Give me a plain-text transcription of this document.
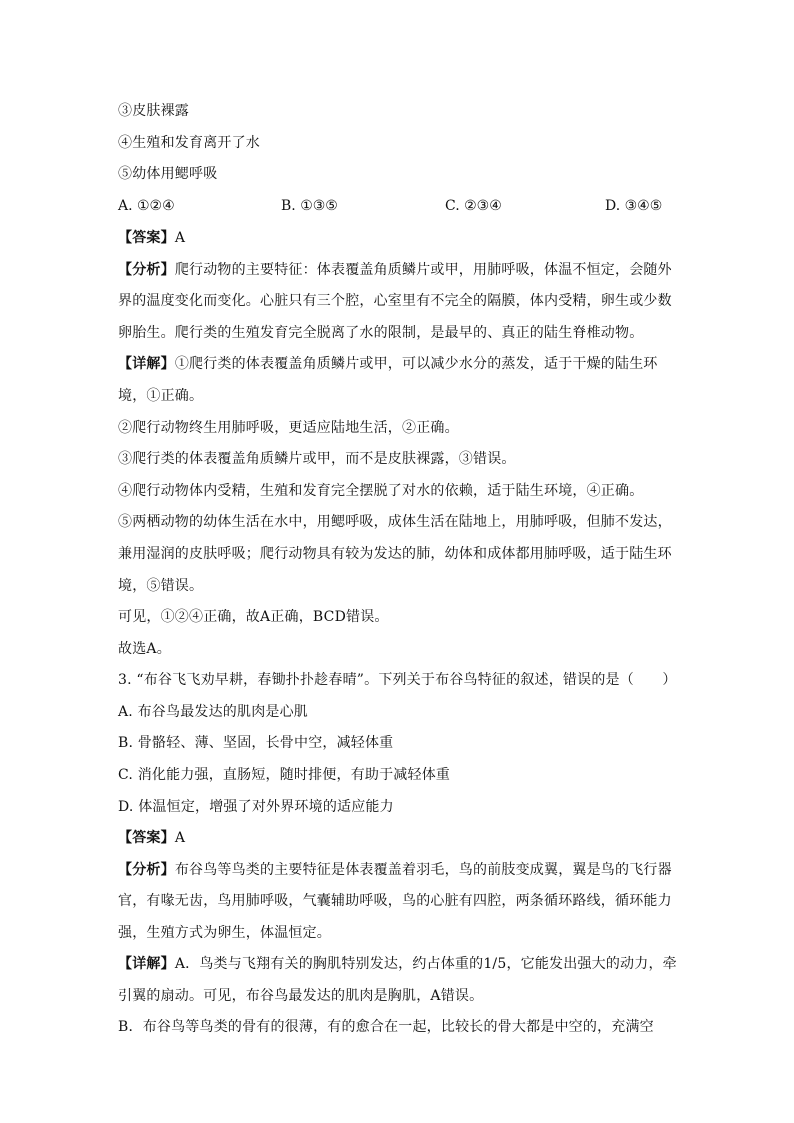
③皮肤裸露
④生殖和发育离开了水
⑤幼体用鳃呼吸
A. ①②④	B. ①③⑤	C. ②③④	D. ③④⑤
【答案】A
【分析】爬行动物的主要特征：体表覆盖角质鳞片或甲，用肺呼吸，体温不恒定，会随外
界的温度变化而变化。心脏只有三个腔，心室里有不完全的隔膜，体内受精，卵生或少数
卵胎生。爬行类的生殖发育完全脱离了水的限制，是最早的、真正的陆生脊椎动物。
【详解】①爬行类的体表覆盖角质鳞片或甲，可以减少水分的蒸发，适于干燥的陆生环
境，①正确。
②爬行动物终生用肺呼吸，更适应陆地生活，②正确。
③爬行类的体表覆盖角质鳞片或甲，而不是皮肤裸露，③错误。
④爬行动物体内受精，生殖和发育完全摆脱了对水的依赖，适于陆生环境，④正确。
⑤两栖动物的幼体生活在水中，用鳃呼吸，成体生活在陆地上，用肺呼吸，但肺不发达，
兼用湿润的皮肤呼吸；爬行动物具有较为发达的肺，幼体和成体都用肺呼吸，适于陆生环
境，⑤错误。
可见，①②④正确，故A正确，BCD错误。
故选A。
3. “布谷飞飞劝早耕，春锄扑扑趁春晴”。下列关于布谷鸟特征的叙述，错误的是（　　）
A. 布谷鸟最发达的肌肉是心肌
B. 骨骼轻、薄、坚固，长骨中空，减轻体重
C. 消化能力强，直肠短，随时排便，有助于减轻体重
D. 体温恒定，增强了对外界环境的适应能力
【答案】A
【分析】布谷鸟等鸟类的主要特征是体表覆盖着羽毛，鸟的前肢变成翼，翼是鸟的飞行器
官，有喙无齿，鸟用肺呼吸，气囊辅助呼吸，鸟的心脏有四腔，两条循环路线，循环能力
强，生殖方式为卵生，体温恒定。
【详解】A．鸟类与飞翔有关的胸肌特别发达，约占体重的1/5，它能发出强大的动力，牵
引翼的扇动。可见，布谷鸟最发达的肌肉是胸肌，A错误。
B．布谷鸟等鸟类的骨有的很薄，有的愈合在一起，比较长的骨大都是中空的，充满空
